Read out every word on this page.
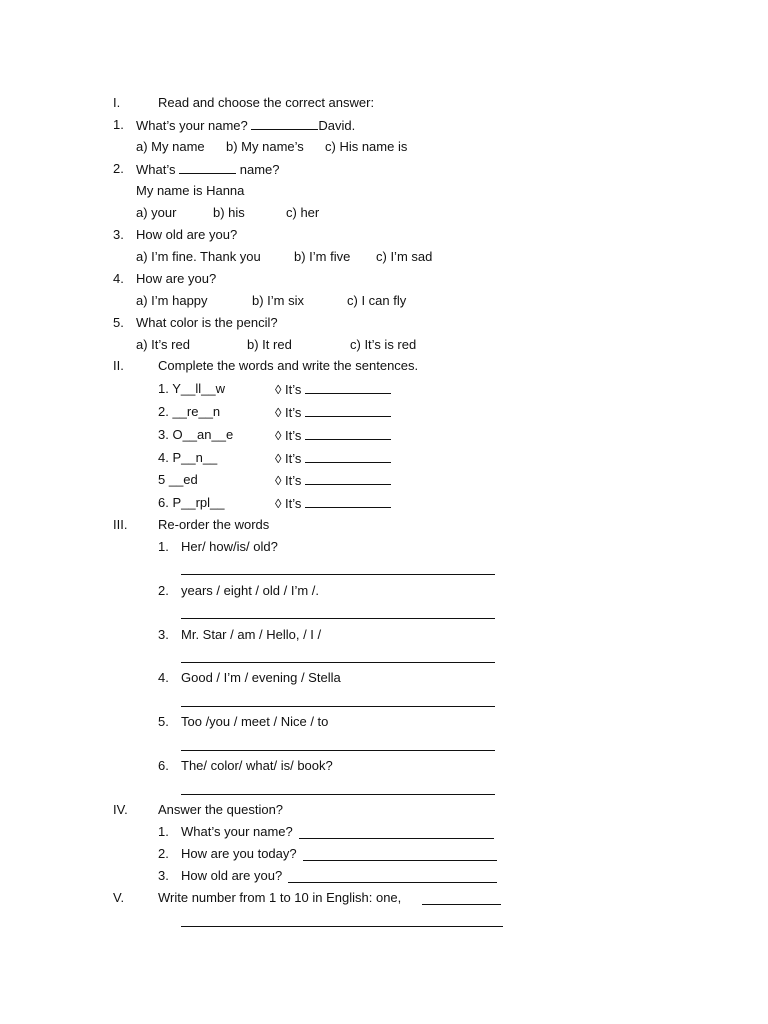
I.	Read and choose the correct answer:
1. What’s your name?	David.
a) My name b) My name’s c) His name is
2. What’s	name?
My name is Hanna
a) your	b) his	c) her
3. How old are you?
a) I’m fine. Thank you	b) I’m five c) I’m sad
4. How are you?
a) I’m happy	b) I’m six	c) I can fly
5. What color is the pencil?
a) It’s red	b) It red	c) It’s is red
II.	Complete the words and write the sentences.
1. Y__ll__w	◊ It’s
2. __re__n	◊ It’s
3. O__an__e	◊ It’s
4. P__n__	◊ It’s
5 __ed	◊ It’s
6. P__rpl__	◊ It’s
III. Re-order the words
1. Her/ how/is/ old?
2. years / eight / old / I’m /.
3. Mr. Star / am / Hello, / I /
4. Good / I’m / evening / Stella
5. Too /you / meet / Nice / to
6. The/ color/ what/ is/ book?
IV. Answer the question?
1. What’s your name?
2. How are you today?
3. How old are you?
V.	Write number from 1 to 10 in English: one,
